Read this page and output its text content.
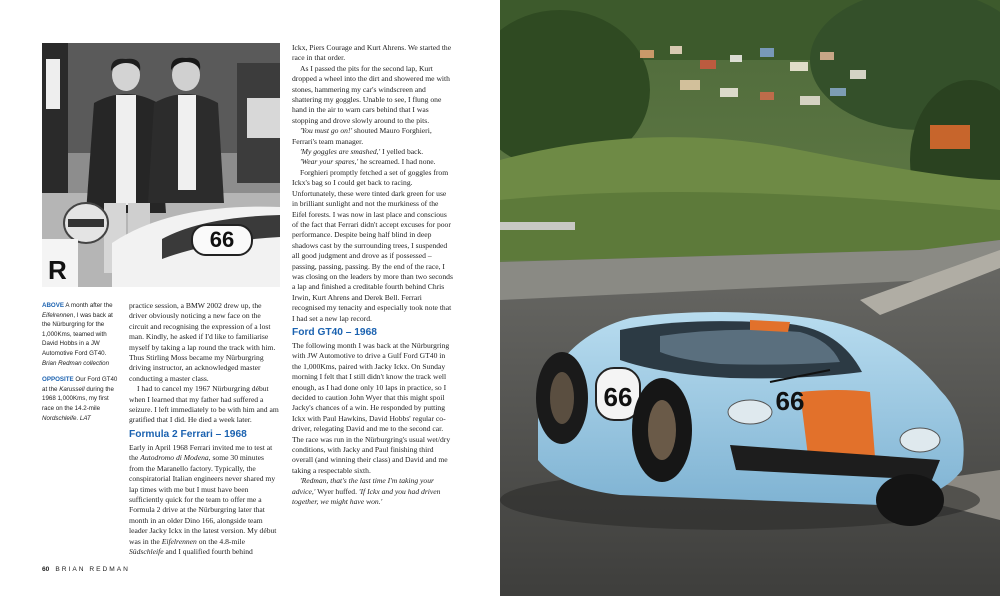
66
R
ABOVE A month after the Eifelrennen, I was back at the Nürburgring for the 1,000Kms, teamed with David Hobbs in a JW Automotive Ford GT40. Brian Redman collection
OPPOSITE Our Ford GT40 at the Karussell during the 1968 1,000Kms, my first race on the 14.2-mile Nordschleife. LAT

practice session, a BMW 2002 drew up, the driver obviously noticing a new face on the circuit and recognising the expression of a lost man. Kindly, he asked if I'd like to familiarise myself by taking a lap round the track with him. Thus Stirling Moss became my Nürburgring driving instructor, an acknowledged master conducting a master class.

I had to cancel my 1967 Nürburgring début when I learned that my father had suffered a seizure. I left immediately to be with him and am gratified that I did. He died a week later.

Formula 2 Ferrari – 1968

Early in April 1968 Ferrari invited me to test at the Autodromo di Modena, some 30 minutes from the Maranello factory. Typically, the conspiratorial Italian engineers never shared my lap times with me but I must have been sufficiently quick for the team to offer me a Formula 2 drive at the Nürburgring later that month in an older Dino 166, alongside team leader Jacky Ickx in the latest version. My début was in the Eifelrennen on the 4.8-mile Südschleife and I qualified fourth behind

Ickx, Piers Courage and Kurt Ahrens. We started the race in that order.

As I passed the pits for the second lap, Kurt dropped a wheel into the dirt and showered me with stones, hammering my car's windscreen and shattering my goggles. Unable to see, I flung one hand in the air to warn cars behind that I was stopping and drove slowly around to the pits.

'You must go on!' shouted Mauro Forghieri, Ferrari's team manager.

'My goggles are smashed,' I yelled back.

'Wear your spares,' he screamed. I had none.

Forghieri promptly fetched a set of goggles from Ickx's bag so I could get back to racing. Unfortunately, these were tinted dark green for use in brilliant sunlight and not the murkiness of the Eifel forests. I was now in last place and conscious of the fact that Ferrari didn't accept excuses for poor performance. Despite being half blind in deep shadows cast by the surrounding trees, I suspended all good judgment and drove as if possessed – passing, passing, passing. By the end of the race, I was closing on the leaders by more than two seconds a lap and finished a creditable fourth behind Chris Irwin, Kurt Ahrens and Derek Bell. Ferrari recognised my tenacity and especially took note that I had set a new lap record.

Ford GT40 – 1968

The following month I was back at the Nürburgring with JW Automotive to drive a Gulf Ford GT40 in the 1,000Kms, paired with Jacky Ickx. On Sunday morning I felt that I still didn't know the track well enough, as I had done only 10 laps in practice, so I decided to caution John Wyer that this might spoil Jacky's chances of a win. He responded by putting Ickx with Paul Hawkins, David Hobbs' regular co-driver, relegating David and me to the second car. The race was run in the Nürburgring's usual wet/dry conditions, with Jacky and Paul finishing third overall (and winning their class) and David and me taking a respectable sixth.

'Redman, that's the last time I'm taking your advice,' Wyer huffed. 'If Ickx and you had driven together, we might have won.'

60 BRIAN REDMAN
66
66
